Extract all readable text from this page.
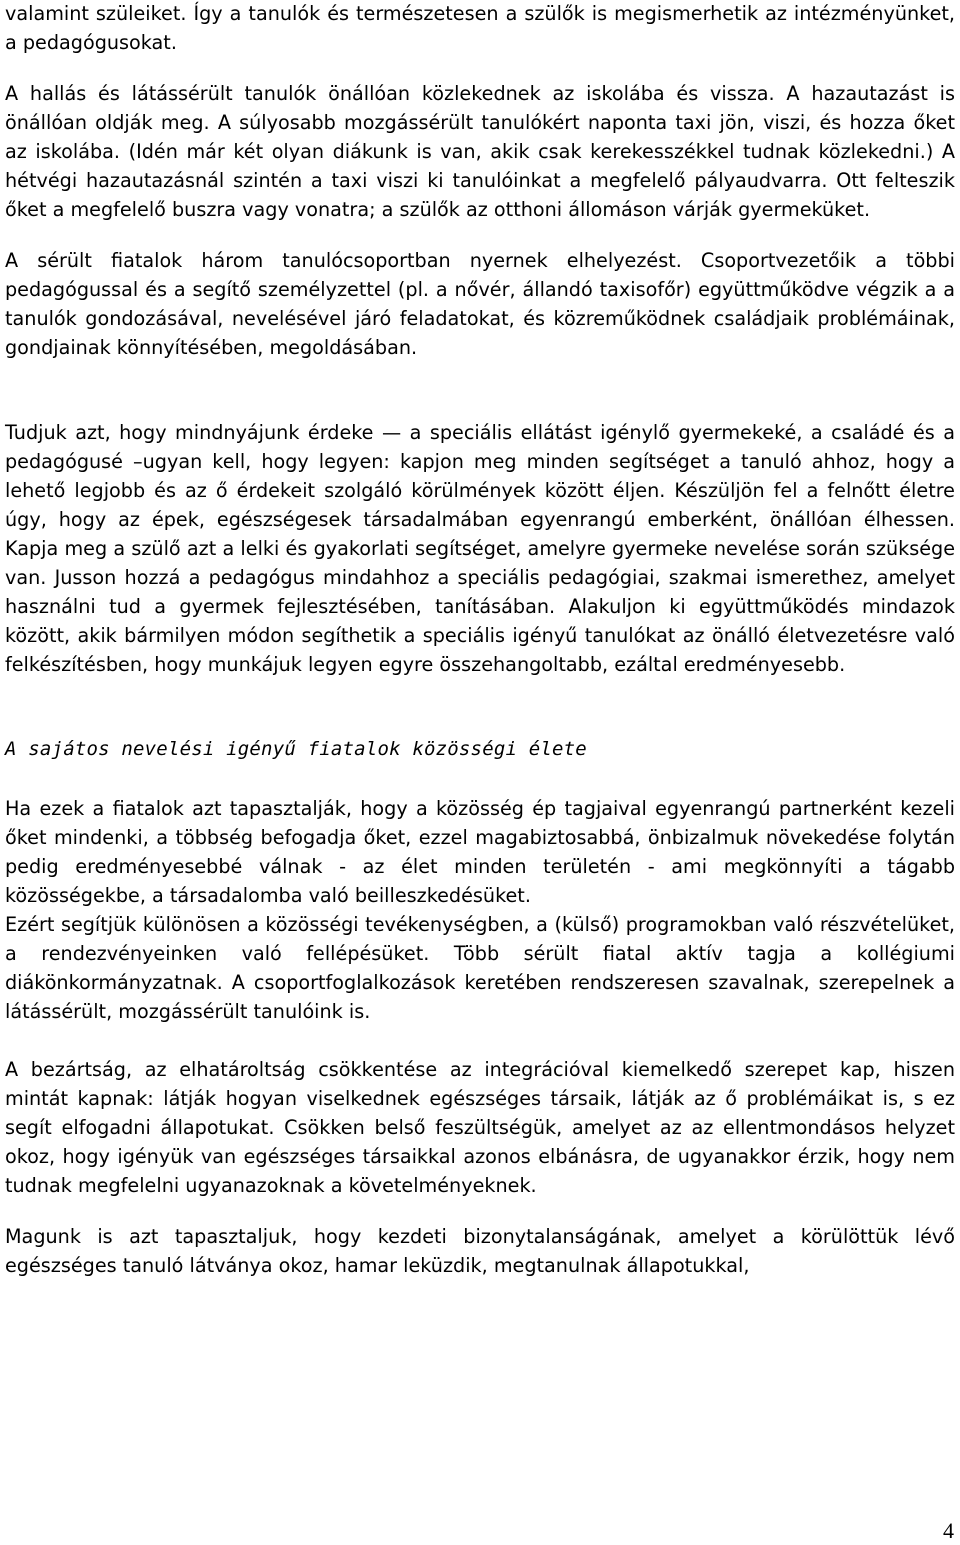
valamint szüleiket. Így a tanulók és természetesen a szülők is megismerhetik az intézményünket, a pedagógusokat.

A hallás és látássérült tanulók önállóan közlekednek az iskolába és vissza. A hazautazást is önállóan oldják meg. A súlyosabb mozgássérült tanulókért naponta taxi jön, viszi, és hozza őket az iskolába. (Idén már két olyan diákunk is van, akik csak kerekesszékkel tudnak közlekedni.) A hétvégi hazautazásnál szintén a taxi viszi ki tanulóinkat a megfelelő pályaudvarra. Ott felteszik őket a megfelelő buszra vagy vonatra; a szülők az otthoni állomáson várják gyermeküket.

A sérült fiatalok három tanulócsoportban nyernek elhelyezést. Csoportvezetőik a többi pedagógussal és a segítő személyzettel (pl. a nővér, állandó taxisofőr) együttműködve végzik a a tanulók gondozásával, nevelésével járó feladatokat, és közreműködnek családjaik problémáinak, gondjainak könnyítésében, megoldásában.

Tudjuk azt, hogy mindnyájunk érdeke — a speciális ellátást igénylő gyermekeké, a családé és a pedagógusé –ugyan kell, hogy legyen: kapjon meg minden segítséget a tanuló ahhoz, hogy a lehető legjobb és az ő érdekeit szolgáló körülmények között éljen. Készüljön fel a felnőtt életre úgy, hogy az épek, egészségesek társadalmában egyenrangú emberként, önállóan élhessen. Kapja meg a szülő azt a lelki és gyakorlati segítséget, amelyre gyermeke nevelése során szüksége van. Jusson hozzá a pedagógus mindahhoz a speciális pedagógiai, szakmai ismerethez, amelyet használni tud a gyermek fejlesztésében, tanításában. Alakuljon ki együttműködés mindazok között, akik bármilyen módon segíthetik a speciális igényű tanulókat az önálló életvezetésre való felkészítésben, hogy munkájuk legyen egyre összehangoltabb, ezáltal eredményesebb.

A sajátos nevelési igényű fiatalok közösségi élete

Ha ezek a fiatalok azt tapasztalják, hogy a közösség ép tagjaival egyenrangú partnerként kezeli őket mindenki, a többség befogadja őket, ezzel magabiztosabbá, önbizalmuk növekedése folytán pedig eredményesebbé válnak - az élet minden területén - ami megkönnyíti a tágabb közösségekbe, a társadalomba való beilleszkedésüket.

Ezért segítjük különösen a közösségi tevékenységben, a (külső) programokban való részvételüket, a rendezvényeinken való fellépésüket. Több sérült fiatal aktív tagja a kollégiumi diákönkormányzatnak. A csoportfoglalkozások keretében rendszeresen szavalnak, szerepelnek a látássérült, mozgássérült tanulóink is.

A bezártság, az elhatároltság csökkentése az integrációval kiemelkedő szerepet kap, hiszen mintát kapnak: látják hogyan viselkednek egészséges társaik, látják az ő problémáikat is, s ez segít elfogadni állapotukat. Csökken belső feszültségük, amelyet az az ellentmondásos helyzet okoz, hogy igényük van egészséges társaikkal azonos elbánásra, de ugyanakkor érzik, hogy nem tudnak megfelelni ugyanazoknak a követelményeknek.

Magunk is azt tapasztaljuk, hogy kezdeti bizonytalanságának, amelyet a körülöttük lévő egészséges tanuló látványa okoz, hamar leküzdik, megtanulnak állapotukkal,

4
